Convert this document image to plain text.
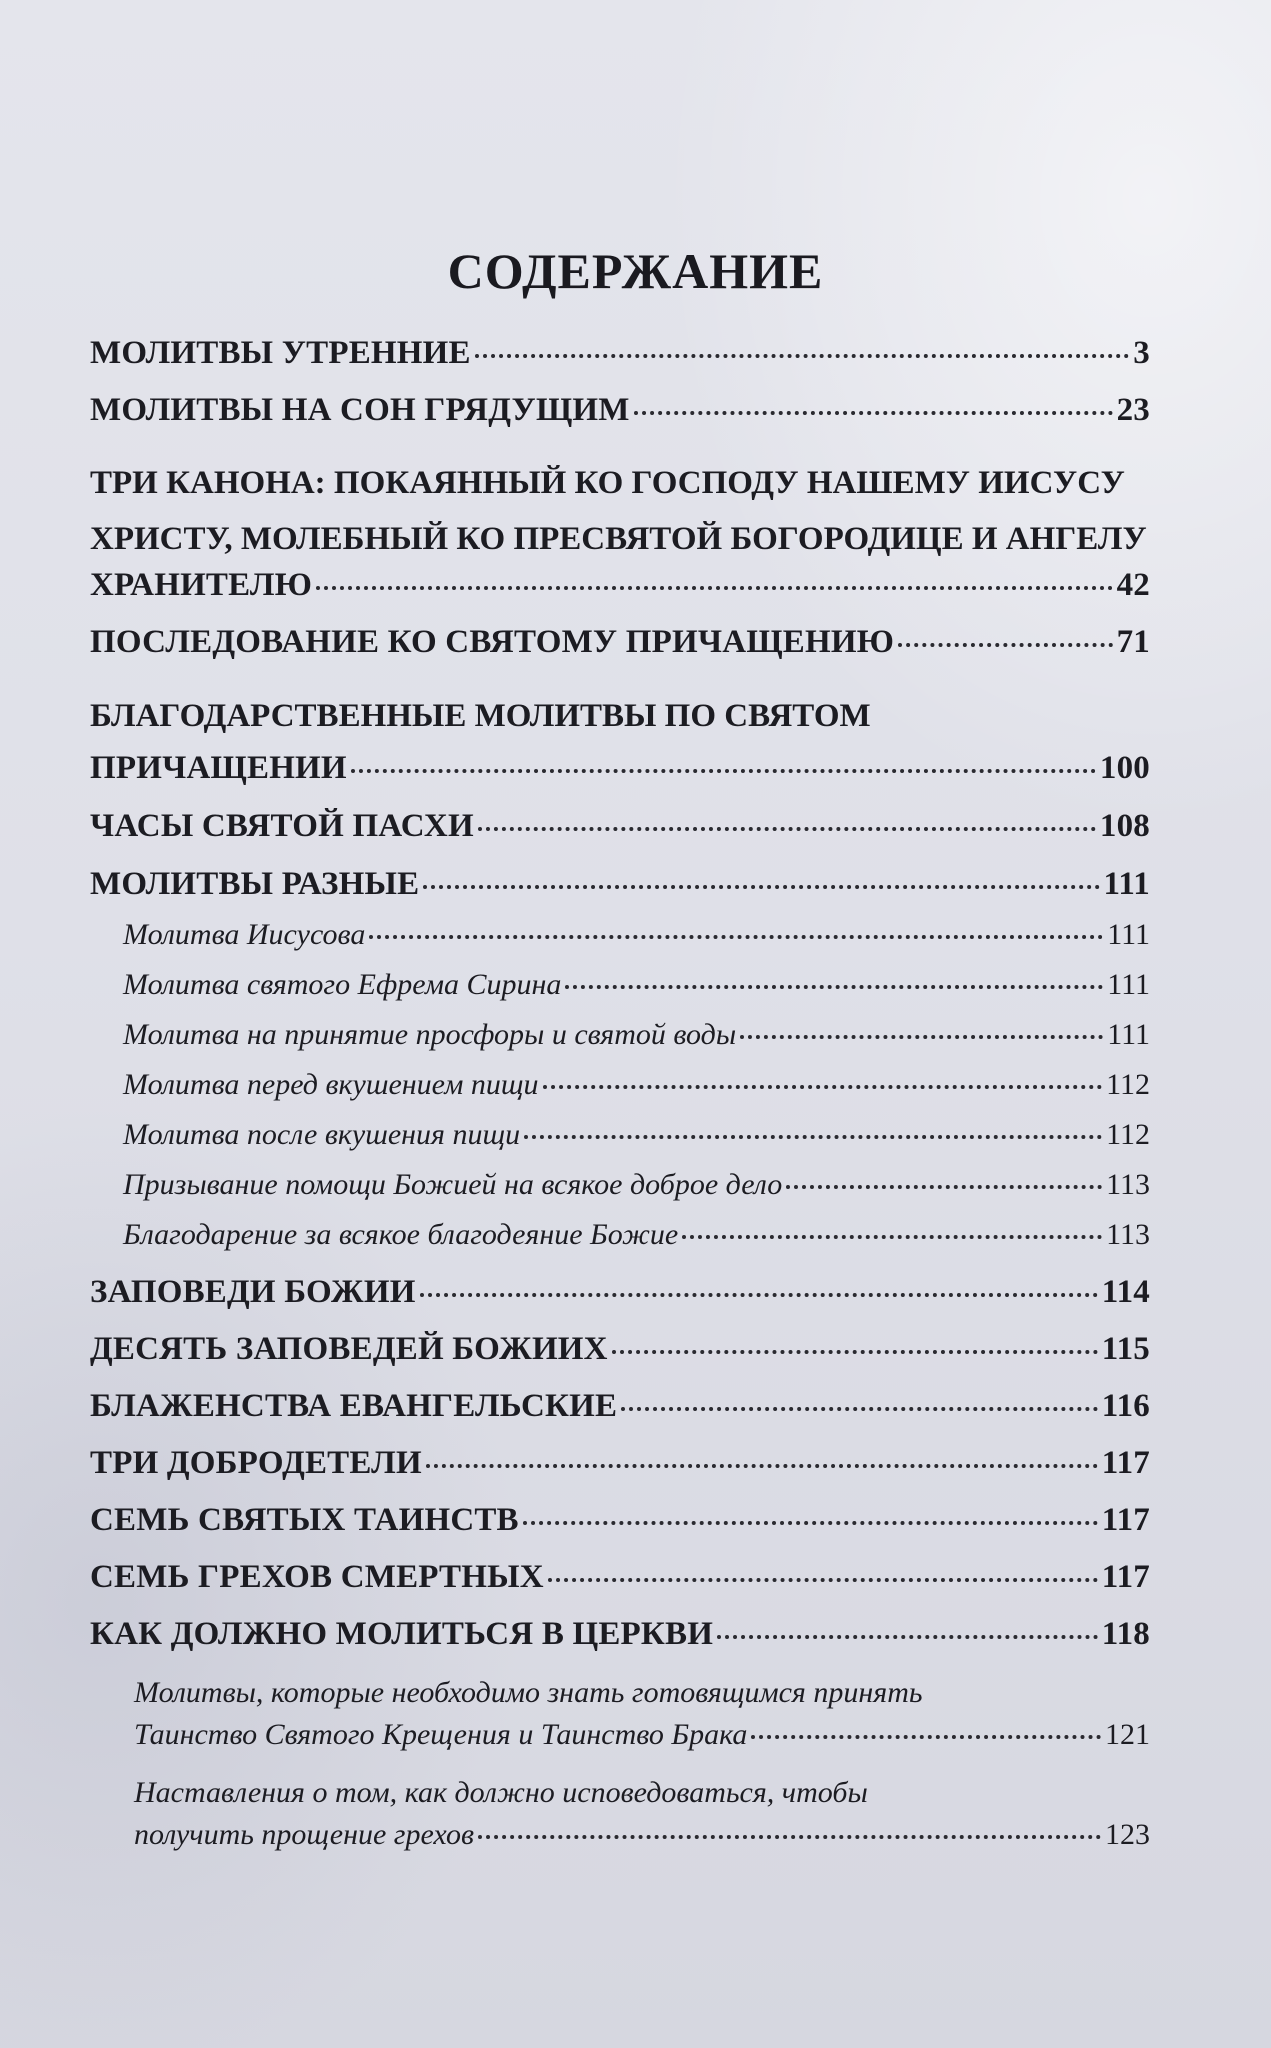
СОДЕРЖАНИЕ
МОЛИТВЫ УТРЕННИЕ	3
МОЛИТВЫ НА СОН ГРЯДУЩИМ	23
ТРИ КАНОНА: ПОКАЯННЫЙ КО ГОСПОДУ НАШЕМУ ИИСУСУ
ХРИСТУ, МОЛЕБНЫЙ КО ПРЕСВЯТОЙ БОГОРОДИЦЕ И АНГЕЛУ
ХРАНИТЕЛЮ	42
ПОСЛЕДОВАНИЕ КО СВЯТОМУ ПРИЧАЩЕНИЮ	71
БЛАГОДАРСТВЕННЫЕ МОЛИТВЫ ПО СВЯТОМ
ПРИЧАЩЕНИИ	100
ЧАСЫ СВЯТОЙ ПАСХИ	108
МОЛИТВЫ РАЗНЫЕ	111
Молитва Иисусова	111
Молитва святого Ефрема Сирина	111
Молитва на принятие просфоры и святой воды	111
Молитва перед вкушением пищи	112
Молитва после вкушения пищи	112
Призывание помощи Божией на всякое доброе дело	113
Благодарение за всякое благодеяние Божие	113
ЗАПОВЕДИ БОЖИИ	114
ДЕСЯТЬ ЗАПОВЕДЕЙ БОЖИИХ	115
БЛАЖЕНСТВА ЕВАНГЕЛЬСКИЕ	116
ТРИ ДОБРОДЕТЕЛИ	117
СЕМЬ СВЯТЫХ ТАИНСТВ	117
СЕМЬ ГРЕХОВ СМЕРТНЫХ	117
КАК ДОЛЖНО МОЛИТЬСЯ В ЦЕРКВИ	118
Молитвы, которые необходимо знать готовящимся принять
Таинство Святого Крещения и Таинство Брака	121
Наставления о том, как должно исповедоваться, чтобы
получить прощение грехов	123
